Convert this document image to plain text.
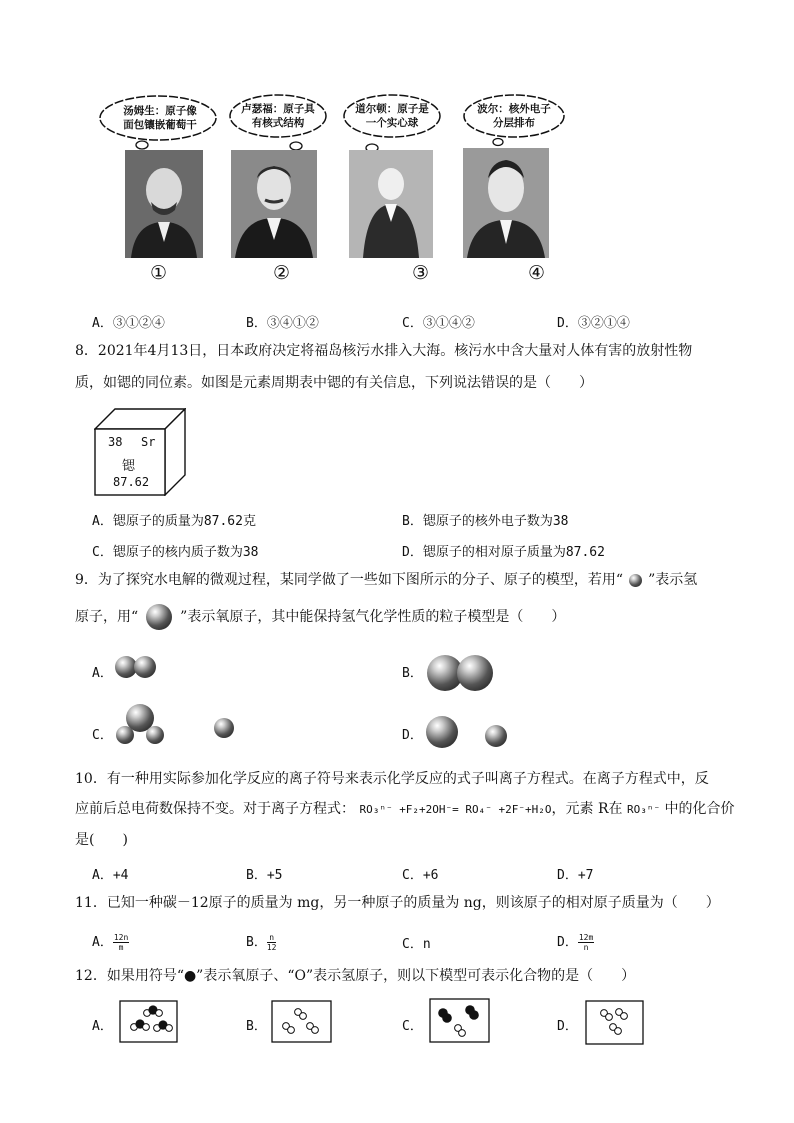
汤姆生：原子像
面包镶嵌葡萄干
卢瑟福：原子具
有核式结构
道尔顿：原子是
一个实心球
波尔：核外电子
分层排布
①	②	③	④
A．③①②④	B．③④①②	C．③①④②	D．③②①④
8．2021年4月13日，日本政府决定将福岛核污水排入大海。核污水中含大量对人体有害的放射性物
质，如锶的同位素。如图是元素周期表中锶的有关信息，下列说法错误的是（　　）
38 Sr
锶
87.62
A．锶原子的质量为87.62克	B．锶原子的核外电子数为38
C．锶原子的核内质子数为38	D．锶原子的相对原子质量为87.62
9．为了探究水电解的微观过程，某同学做了一些如下图所示的分子、原子的模型，若用“ ”表示氢
原子，用“	”表示氧原子，其中能保持氢气化学性质的粒子模型是（　　）
A．	B．
C．	D．
10．有一种用实际参加化学反应的离子符号来表示化学反应的式子叫离子方程式。在离子方程式中，反
应前后总电荷数保持不变。对于离子方程式： RO₃ⁿ⁻ +F₂+2OH⁻= RO₄⁻ +2F⁻+H₂O，元素 R在 RO₃ⁿ⁻ 中的化合价
是(　　)
A．+4	B．+5	C．+6	D．+7
11．已知一种碳－12原子的质量为 mg，另一种原子的质量为 ng，则该原子的相对原子质量为（　　）
A． $\frac{12n}{m}$	B． $\frac{n}{12}$	C．n	D． $\frac{12m}{n}$
12．如果用符号“●”表示氧原子、“O”表示氢原子，则以下模型可表示化合物的是（　　）
A．	B．	C．	D．
